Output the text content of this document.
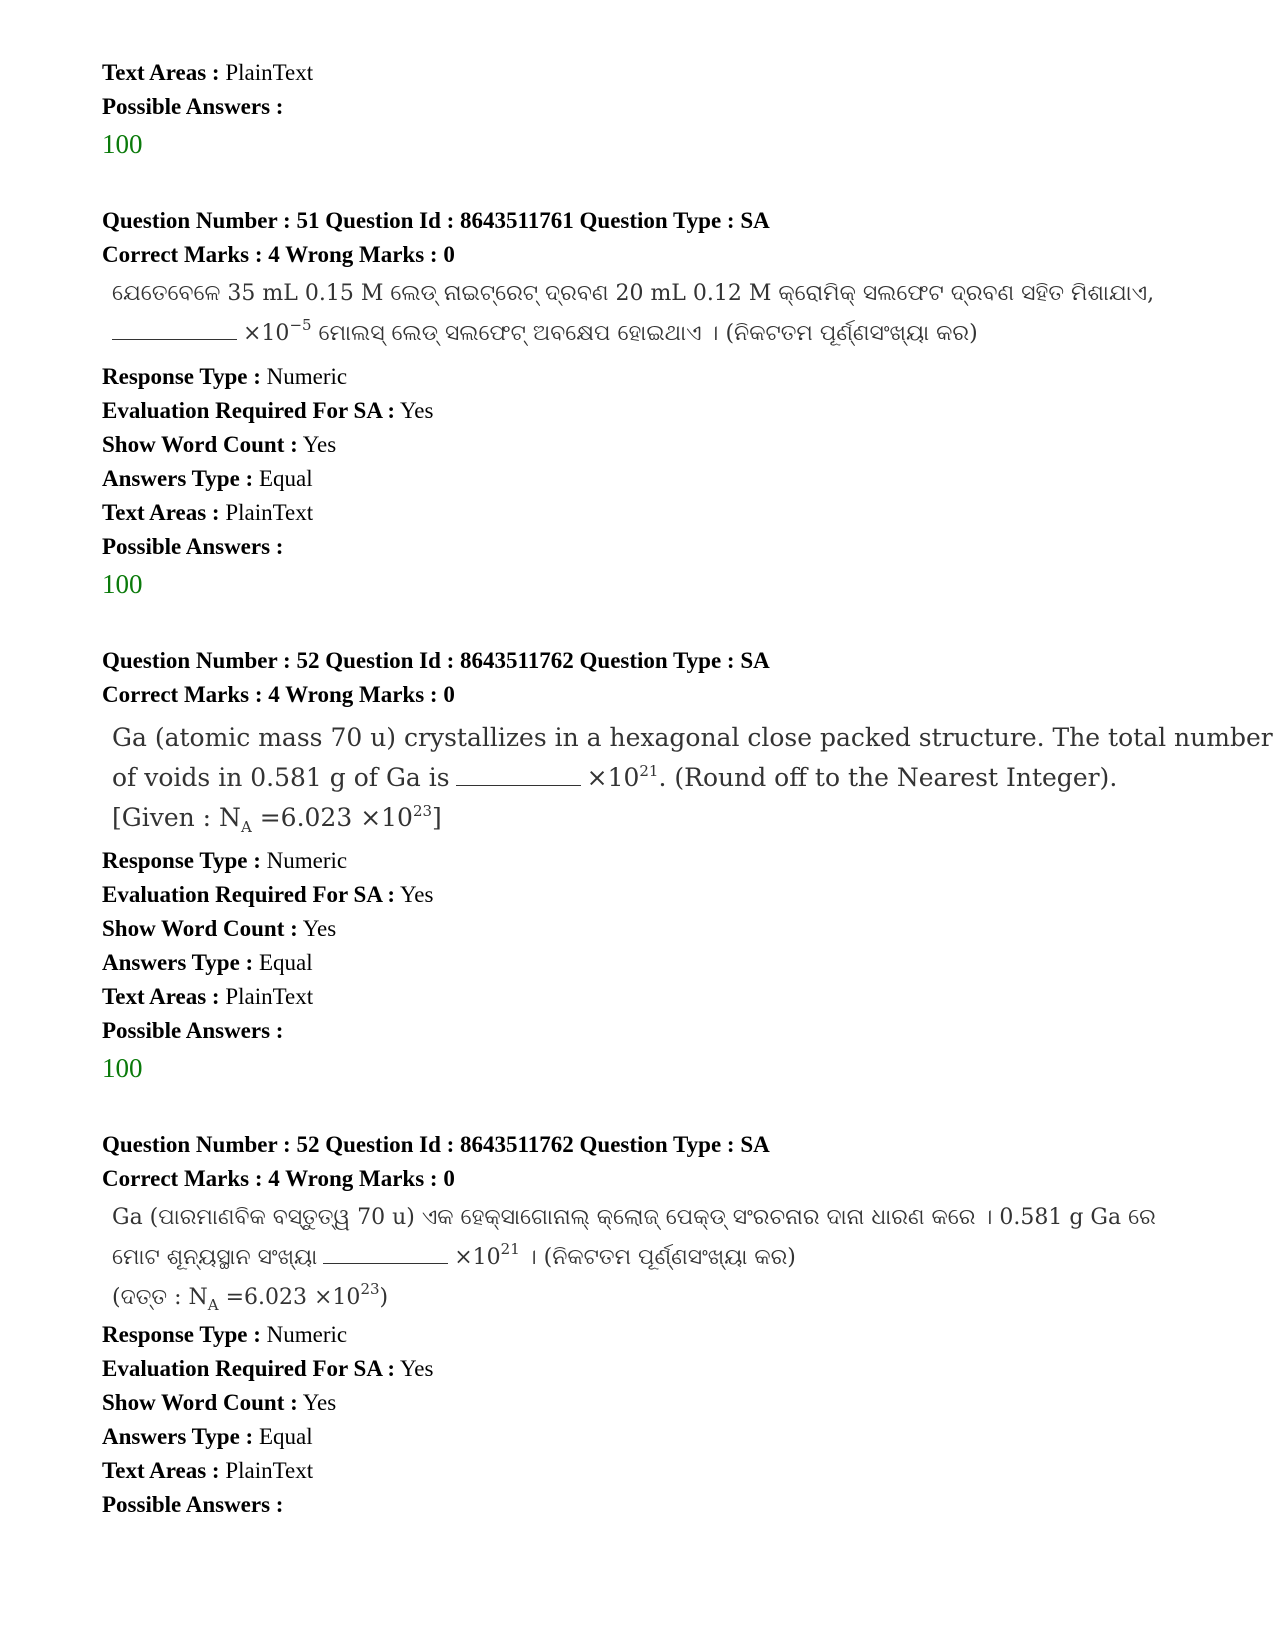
Text Areas : PlainText
Possible Answers :
100
Question Number : 51 Question Id : 8643511761 Question Type : SA
Correct Marks : 4 Wrong Marks : 0
ଯେତେବେଳେ 35 mL 0.15 M ଲେଡ୍ ନାଇଟ୍ରେଟ୍ ଦ୍ରବଣ 20 mL 0.12 M କ୍ରୋମିକ୍ ସଲଫେଟ ଦ୍ରବଣ ସହିତ ମିଶାଯାଏ,
$\times 10^{-5}$ ମୋଲସ୍ ଲେଡ୍ ସଲଫେଟ୍ ଅବକ୍ଷେପ ହୋଇଥାଏ । (ନିକଟତମ ପୂର୍ଣ୍ଣସଂଖ୍ୟା କର)
Response Type : Numeric
Evaluation Required For SA : Yes
Show Word Count : Yes
Answers Type : Equal
Text Areas : PlainText
Possible Answers :
100
Question Number : 52 Question Id : 8643511762 Question Type : SA
Correct Marks : 4 Wrong Marks : 0
Ga (atomic mass 70 u) crystallizes in a hexagonal close packed structure. The total number
of voids in 0.581 g of Ga is	$\times 10^{21}$. (Round off to the Nearest Integer).
[Given : $N_A =6.023 \times 10^{23}$]
Response Type : Numeric
Evaluation Required For SA : Yes
Show Word Count : Yes
Answers Type : Equal
Text Areas : PlainText
Possible Answers :
100
Question Number : 52 Question Id : 8643511762 Question Type : SA
Correct Marks : 4 Wrong Marks : 0
Ga (ପାରମାଣବିକ ବସ୍ତୁତ୍ୱ 70 u) ଏକ ହେକ୍ସାଗୋନାଲ୍ କ୍ଲୋଜ୍ ପେକ୍ଡ୍ ସଂରଚନାର ଦାନା ଧାରଣ କରେ । 0.581 g Ga ରେ
ମୋଟ ଶୂନ୍ୟସ୍ଥାନ ସଂଖ୍ୟା	$\times 10^{21}$ । (ନିକଟତମ ପୂର୍ଣ୍ଣସଂଖ୍ୟା କର)
(ଦତ୍ତ : $N_A =6.023 \times 10^{23}$)
Response Type : Numeric
Evaluation Required For SA : Yes
Show Word Count : Yes
Answers Type : Equal
Text Areas : PlainText
Possible Answers :
